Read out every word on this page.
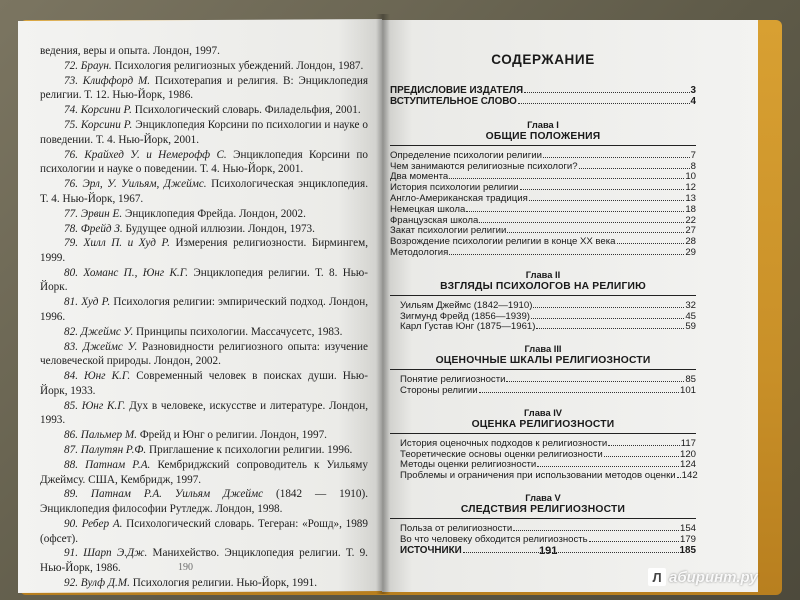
ведения, веры и опыта. Лондон, 1997.

72. Браун. Психология религиозных убеждений. Лондон, 1987.

73. Клиффорд М. Психотерапия и религия. В: Энциклопедия религии. Т. 12. Нью-Йорк, 1986.

74. Корсини Р. Психологический словарь. Филадельфия, 2001.

75. Корсини Р. Энциклопедия Корсини по психологии и науке о поведении. Т. 4. Нью-Йорк, 2001.

76. Крайхед У. и Немерофф С. Энциклопедия Корсини по психологии и науке о поведении. Т. 4. Нью-Йорк, 2001.

76. Эрл, У. Уильям, Джеймс. Психологическая энциклопедия. Т. 4. Нью-Йорк, 1967.

77. Эрвин Е. Энциклопедия Фрейда. Лондон, 2002.

78. Фрейд З. Будущее одной иллюзии. Лондон, 1973.

79. Хилл П. и Худ Р. Измерения религиозности. Бирмингем, 1999.

80. Хоманс П., Юнг К.Г. Энциклопедия религии. Т. 8. Нью-Йорк.

81. Худ Р. Психология религии: эмпирический подход. Лондон, 1996.

82. Джеймс У. Принципы психологии. Массачусетс, 1983.

83. Джеймс У. Разновидности религиозного опыта: изучение человеческой природы. Лондон, 2002.

84. Юнг К.Г. Современный человек в поисках души. Нью-Йорк, 1933.

85. Юнг К.Г. Дух в человеке, искусстве и литературе. Лондон, 1993.

86. Пальмер М. Фрейд и Юнг о религии. Лондон, 1997.

87. Палутян Р.Ф. Приглашение к психологии религии. 1996.

88. Патнам Р.А. Кембриджский сопроводитель к Уильяму Джеймсу. США, Кембридж, 1997.

89. Патнам Р.А. Уильям Джеймс (1842 — 1910). Энциклопедия философии Рутледж. Лондон, 1998.

90. Ребер А. Психологический словарь. Тегеран: «Рошд», 1989 (офсет).

91. Шарп Э.Дж. Манихейство. Энциклопедия религии. Т. 9. Нью-Йорк, 1986.

92. Вулф Д.М. Психология религии. Нью-Йорк, 1991.

190
СОДЕРЖАНИЕ
ПРЕДИСЛОВИЕ ИЗДАТЕЛЯ	3
ВСТУПИТЕЛЬНОЕ СЛОВО	4
Глава I
ОБЩИЕ ПОЛОЖЕНИЯ
Определение психологии религии	7
Чем занимаются религиозные психологи?	8
Два момента	10
История психологии религии	12
Англо-Американская традиция	13
Немецкая школа	18
Французская школа	22
Закат психологии религии	27
Возрождение психологии религии в конце XX века	28
Методология	29
Глава II
ВЗГЛЯДЫ ПСИХОЛОГОВ НА РЕЛИГИЮ
Уильям Джеймс (1842—1910)	32
Зигмунд Фрейд (1856—1939)	45
Карл Густав Юнг (1875—1961)	59
Глава III
ОЦЕНОЧНЫЕ ШКАЛЫ РЕЛИГИОЗНОСТИ
Понятие религиозности	85
Стороны религии	101
Глава IV
ОЦЕНКА РЕЛИГИОЗНОСТИ
История оценочных подходов к религиозности	117
Теоретические основы оценки религиозности	120
Методы оценки религиозности	124
Проблемы и ограничения при использовании методов оценки 142
Глава V
СЛЕДСТВИЯ РЕЛИГИОЗНОСТИ
Польза от религиозности	154
Во что человеку обходится религиозность	179
ИСТОЧНИКИ	185
191
Л абиринт.ру
